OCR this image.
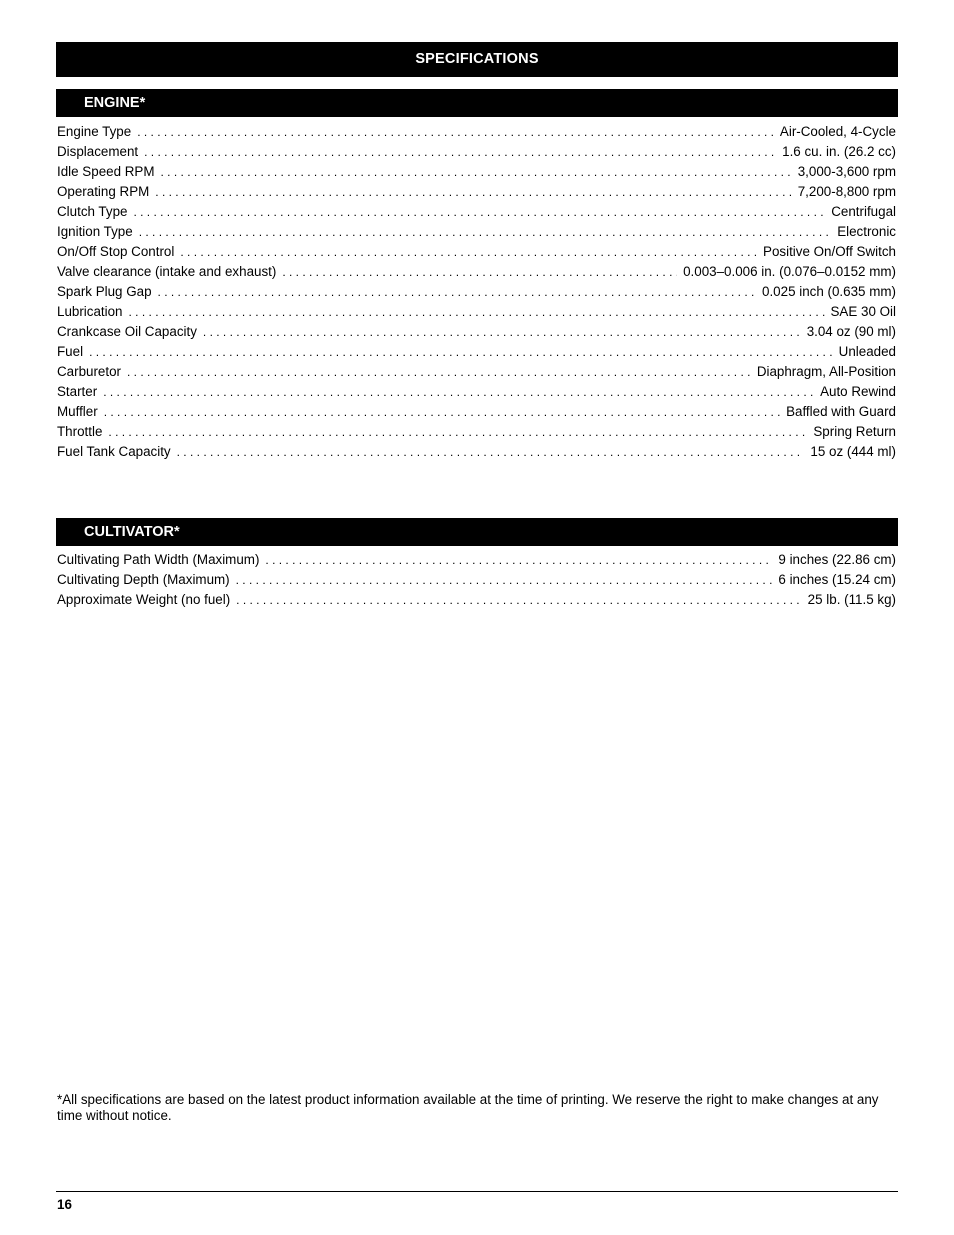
SPECIFICATIONS
ENGINE*
Engine Type . . .	Air-Cooled, 4-Cycle
Displacement . . .	1.6 cu. in. (26.2 cc)
Idle Speed RPM . . .	3,000-3,600 rpm
Operating RPM . . .	7,200-8,800 rpm
Clutch Type . . .	Centrifugal
Ignition Type . . .	Electronic
On/Off Stop Control . . .	Positive On/Off Switch
Valve clearance (intake and exhaust) . . .	0.003–0.006 in. (0.076–0.0152 mm)
Spark Plug Gap . . .	0.025 inch (0.635 mm)
Lubrication . . .	SAE 30 Oil
Crankcase Oil Capacity . . .	3.04 oz (90 ml)
Fuel . . .	Unleaded
Carburetor . . .	Diaphragm, All-Position
Starter . . .	Auto Rewind
Muffler . . .	Baffled with Guard
Throttle . . .	Spring Return
Fuel Tank Capacity . . .	15 oz (444 ml)
CULTIVATOR*
Cultivating Path Width (Maximum) . . .	9 inches (22.86 cm)
Cultivating Depth (Maximum) . . .	6 inches (15.24 cm)
Approximate Weight (no fuel) . . .	25 lb. (11.5 kg)

*All specifications are based on the latest product information available at the time of printing. We reserve the right to make changes at any time without notice.

16
